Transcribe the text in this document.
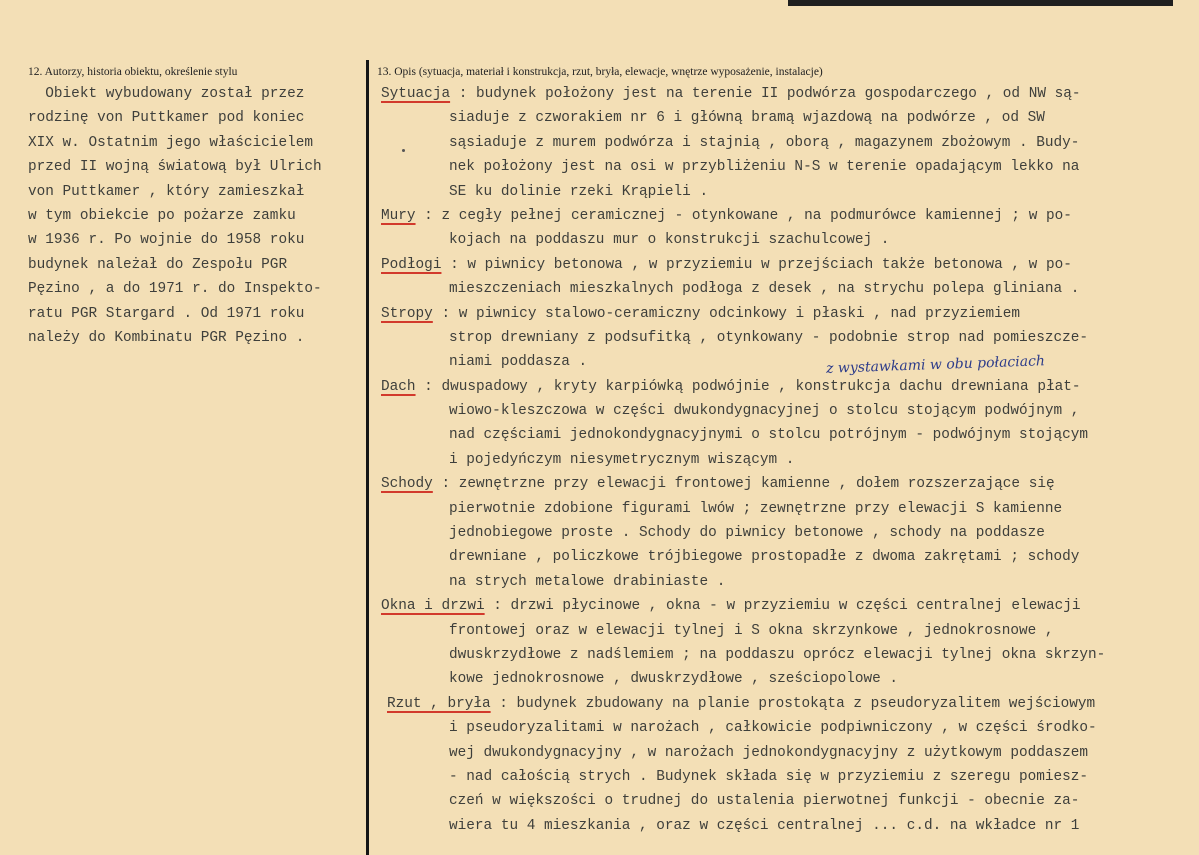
12. Autorzy, historia obiektu, określenie stylu	13. Opis (sytuacja, materiał i konstrukcja, rzut, bryła, elewacje, wnętrze wyposażenie, instalacje)
Obiekt wybudowany został przez
rodzinę von Puttkamer pod koniec
XIX w. Ostatnim jego właścicielem
przed II wojną światową był Ulrich
von Puttkamer , który zamieszkał
w tym obiekcie po pożarze zamku
w 1936 r. Po wojnie do 1958 roku
budynek należał do Zespołu PGR
Pęzino , a do 1971 r. do Inspekto-
ratu PGR Stargard . Od 1971 roku
należy do Kombinatu PGR Pęzino .
Sytuacja : budynek położony jest na terenie II podwórza gospodarczego , od NW są-
siaduje z czworakiem nr 6 i główną bramą wjazdową na podwórze , od SW
sąsiaduje z murem podwórza i stajnią , oborą , magazynem zbożowym . Budy-
nek położony jest na osi w przybliżeniu N-S w terenie opadającym lekko na
SE ku dolinie rzeki Krąpieli .
Mury : z cegły pełnej ceramicznej - otynkowane , na podmurówce kamiennej ; w po-
kojach na poddaszu mur o konstrukcji szachulcowej .
Podłogi : w piwnicy betonowa , w przyziemiu w przejściach także betonowa , w po-
mieszczeniach mieszkalnych podłoga z desek , na strychu polepa gliniana .
Stropy : w piwnicy stalowo-ceramiczny odcinkowy i płaski , nad przyziemiem
strop drewniany z podsufitką , otynkowany - podobnie strop nad pomieszcze-
niami poddasza .
Dach : dwuspadowy , kryty karpiówką podwójnie , konstrukcja dachu drewniana płat-
wiowo-kleszczowa w części dwukondygnacyjnej o stolcu stojącym podwójnym ,
nad częściami jednokondygnacyjnymi o stolcu potrójnym - podwójnym stojącym
i pojedyńczym niesymetrycznym wiszącym .
Schody : zewnętrzne przy elewacji frontowej kamienne , dołem rozszerzające się
pierwotnie zdobione figurami lwów ; zewnętrzne przy elewacji S kamienne
jednobiegowe proste . Schody do piwnicy betonowe , schody na poddasze
drewniane , policzkowe trójbiegowe prostopadłe z dwoma zakrętami ; schody
na strych metalowe drabiniaste .
Okna i drzwi : drzwi płycinowe , okna - w przyziemiu w części centralnej elewacji
frontowej oraz w elewacji tylnej i S okna skrzynkowe , jednokrosnowe ,
dwuskrzydłowe z nadślemiem ; na poddaszu oprócz elewacji tylnej okna skrzyn-
kowe jednokrosnowe , dwuskrzydłowe , sześciopolowe .
Rzut , bryła : budynek zbudowany na planie prostokąta z pseudoryzalitem wejściowym
i pseudoryzalitami w narożach , całkowicie podpiwniczony , w części środko-
wej dwukondygnacyjny , w narożach jednokondygnacyjny z użytkowym poddaszem
- nad całością strych . Budynek składa się w przyziemiu z szeregu pomiesz-
czeń w większości o trudnej do ustalenia pierwotnej funkcji - obecnie za-
wiera tu 4 mieszkania , oraz w części centralnej ... c.d. na wkładce nr 1
z wystawkami w obu połaciach
